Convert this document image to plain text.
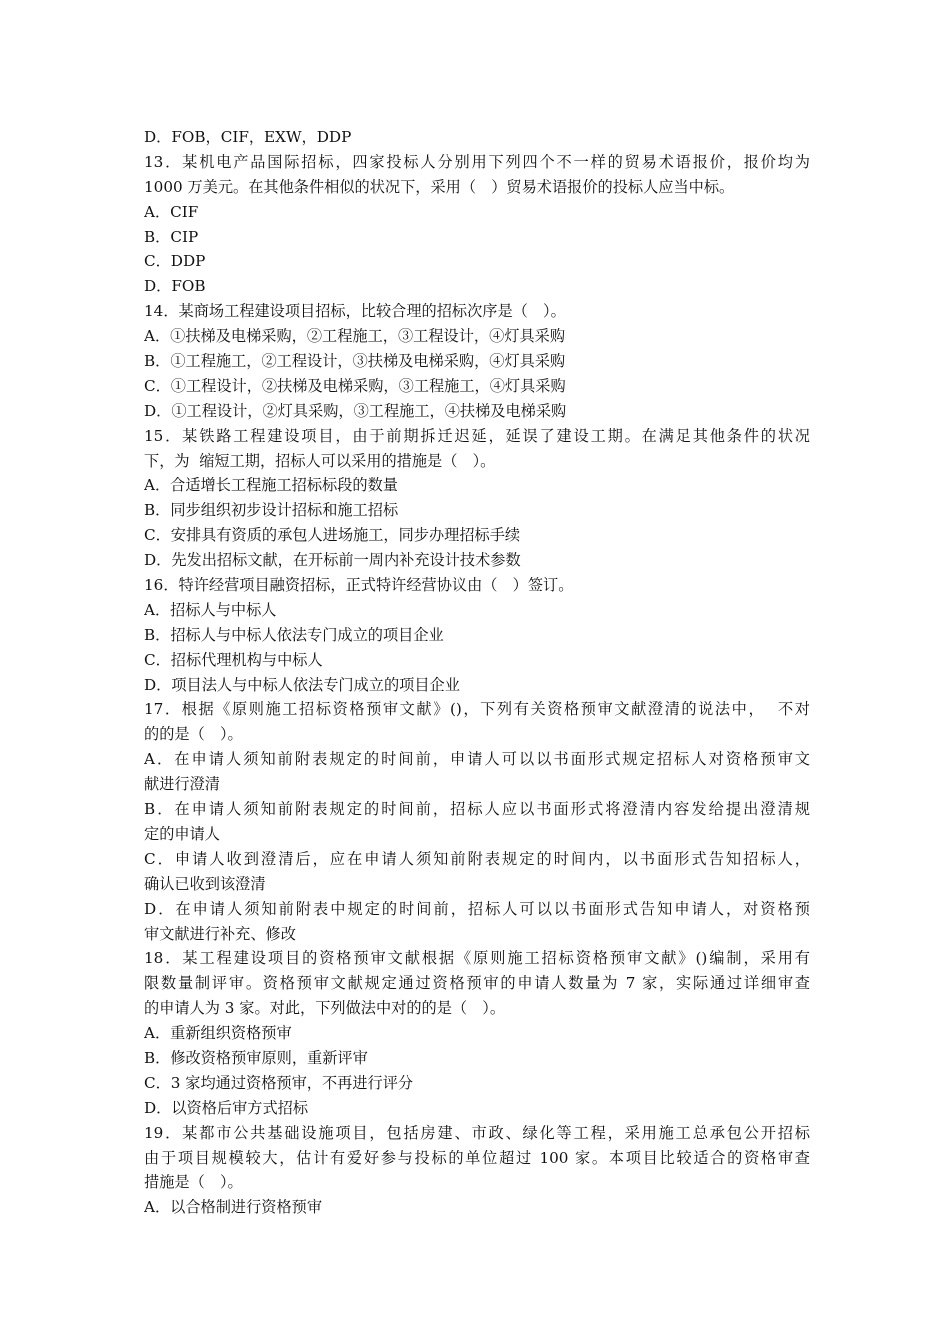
D．FOB，CIF，EXW，DDP
13．某机电产品国际招标，四家投标人分别用下列四个不一样的贸易术语报价，报价均为
1000 万美元。在其他条件相似的状况下，采用（　）贸易术语报价的投标人应当中标。
A．CIF
B．CIP
C．DDP
D．FOB
14．某商场工程建设项目招标，比较合理的招标次序是（　）。
A．①扶梯及电梯采购，②工程施工，③工程设计，④灯具采购
B．①工程施工，②工程设计，③扶梯及电梯采购，④灯具采购
C．①工程设计，②扶梯及电梯采购，③工程施工，④灯具采购
D．①工程设计，②灯具采购，③工程施工，④扶梯及电梯采购
15．某铁路工程建设项目，由于前期拆迁迟延，延误了建设工期。在满足其他条件的状况
下，为  缩短工期，招标人可以采用的措施是（　）。
A．合适增长工程施工招标标段的数量
B．同步组织初步设计招标和施工招标
C．安排具有资质的承包人进场施工，同步办理招标手续
D．先发出招标文献，在开标前一周内补充设计技术参数
16．特许经营项目融资招标，正式特许经营协议由（　）签订。
A．招标人与中标人
B．招标人与中标人依法专门成立的项目企业
C．招标代理机构与中标人
D．项目法人与中标人依法专门成立的项目企业
17．根据《原则施工招标资格预审文献》()，下列有关资格预审文献澄清的说法中，  不对
的的是（　）。
A．在申请人须知前附表规定的时间前，申请人可以以书面形式规定招标人对资格预审文
献进行澄清
B．在申请人须知前附表规定的时间前，招标人应以书面形式将澄清内容发给提出澄清规
定的申请人
C．申请人收到澄清后，应在申请人须知前附表规定的时间内，以书面形式告知招标人，
确认已收到该澄清
D．在申请人须知前附表中规定的时间前，招标人可以以书面形式告知申请人，对资格预
审文献进行补充、修改
18．某工程建设项目的资格预审文献根据《原则施工招标资格预审文献》()编制，采用有
限数量制评审。资格预审文献规定通过资格预审的申请人数量为 7 家，实际通过详细审查
的申请人为 3 家。对此，下列做法中对的的是（　）。
A．重新组织资格预审
B．修改资格预审原则，重新评审
C．3 家均通过资格预审，不再进行评分
D．以资格后审方式招标
19．某都市公共基础设施项目，包括房建、市政、绿化等工程，采用施工总承包公开招标
由于项目规模较大，估计有爱好参与投标的单位超过 100 家。本项目比较适合的资格审查
措施是（　）。
A．以合格制进行资格预审
